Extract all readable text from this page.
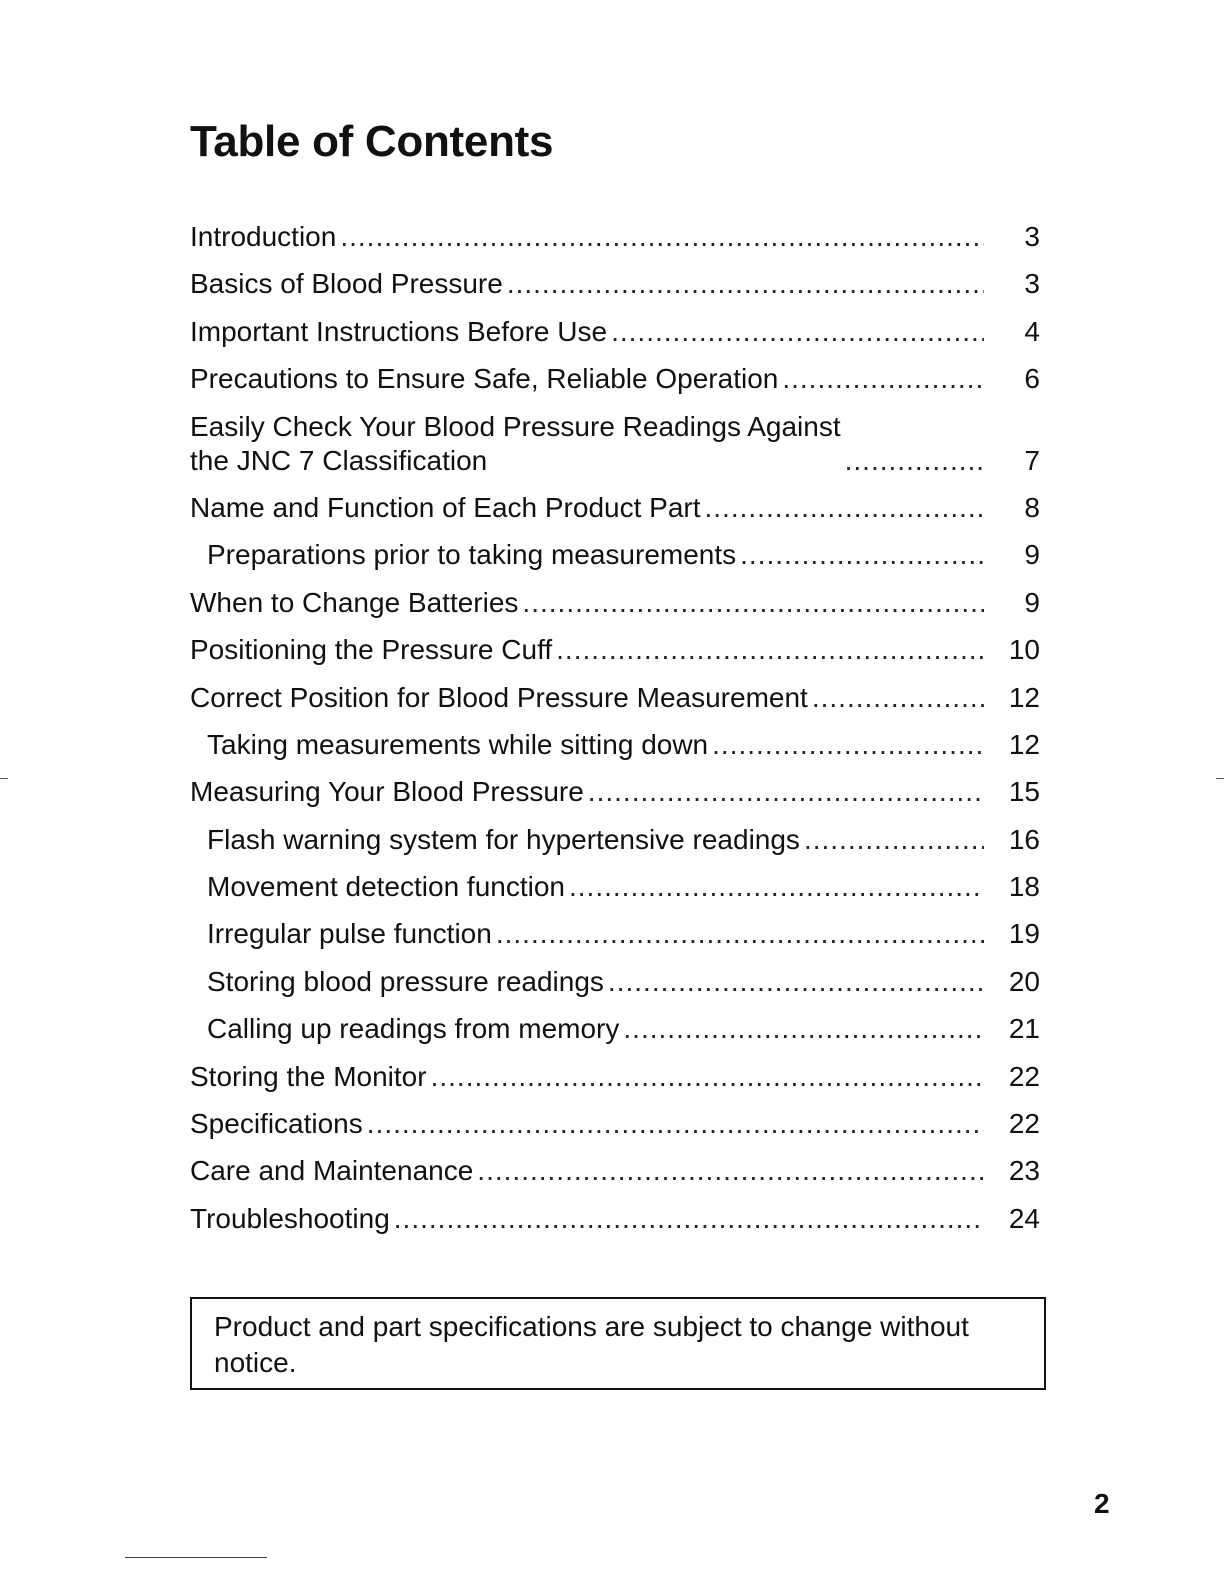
Table of Contents
Introduction .....	3
Basics of Blood Pressure .....	3
Important Instructions Before Use .....	4
Precautions to Ensure Safe, Reliable Operation .....	6
Easily Check Your Blood Pressure Readings Against
the JNC 7 Classification .....	7
Name and Function of Each Product Part .....	8
Preparations prior to taking measurements .....	9
When to Change Batteries .....	9
Positioning the Pressure Cuff .....	10
Correct Position for Blood Pressure Measurement .....	12
Taking measurements while sitting down .....	12
Measuring Your Blood Pressure .....	15
Flash warning system for hypertensive readings .....	16
Movement detection function .....	18
Irregular pulse function .....	19
Storing blood pressure readings .....	20
Calling up readings from memory .....	21
Storing the Monitor .....	22
Specifications .....	22
Care and Maintenance .....	23
Troubleshooting .....	24
Product and part specifications are subject to change without notice.
2
